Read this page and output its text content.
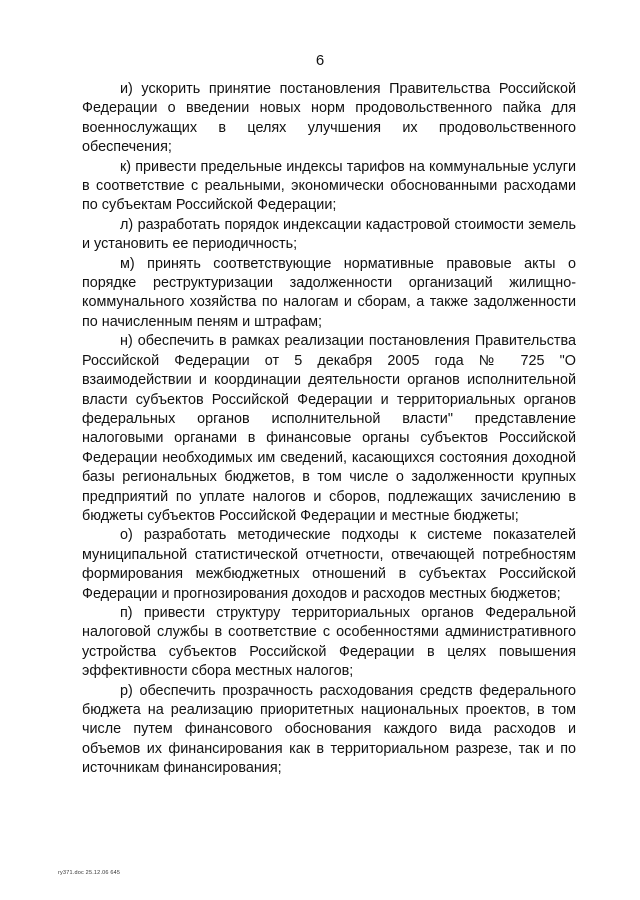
6

и) ускорить принятие постановления Правительства Российской Федерации о введении новых норм продовольственного пайка для военнослужащих в целях улучшения их продовольственного обеспечения;

к) привести предельные индексы тарифов на коммунальные услуги в соответствие с реальными, экономически обоснованными расходами по субъектам Российской Федерации;

л) разработать порядок индексации кадастровой стоимости земель и установить ее периодичность;

м) принять соответствующие нормативные правовые акты о порядке реструктуризации задолженности организаций жилищно-коммунального хозяйства по налогам и сборам, а также задолженности по начисленным пеням и штрафам;

н) обеспечить в рамках реализации постановления Правительства Российской Федерации от 5 декабря 2005 года № 725 "О взаимодействии и координации деятельности органов исполнительной власти субъектов Российской Федерации и территориальных органов федеральных органов исполнительной власти" представление налоговыми органами в финансовые органы субъектов Российской Федерации необходимых им сведений, касающихся состояния доходной базы региональных бюджетов, в том числе о задолженности крупных предприятий по уплате налогов и сборов, подлежащих зачислению в бюджеты субъектов Российской Федерации и местные бюджеты;

о) разработать методические подходы к системе показателей муниципальной статистической отчетности, отвечающей потребностям формирования межбюджетных отношений в субъектах Российской Федерации и прогнозирования доходов и расходов местных бюджетов;

п) привести структуру территориальных органов Федеральной налоговой службы в соответствие с особенностями административного устройства субъектов Российской Федерации в целях повышения эффективности сбора местных налогов;

р) обеспечить прозрачность расходования средств федерального бюджета на реализацию приоритетных национальных проектов, в том числе путем финансового обоснования каждого вида расходов и объемов их финансирования как в территориальном разрезе, так и по источникам финансирования;

ry371.doc 25.12.06 645
